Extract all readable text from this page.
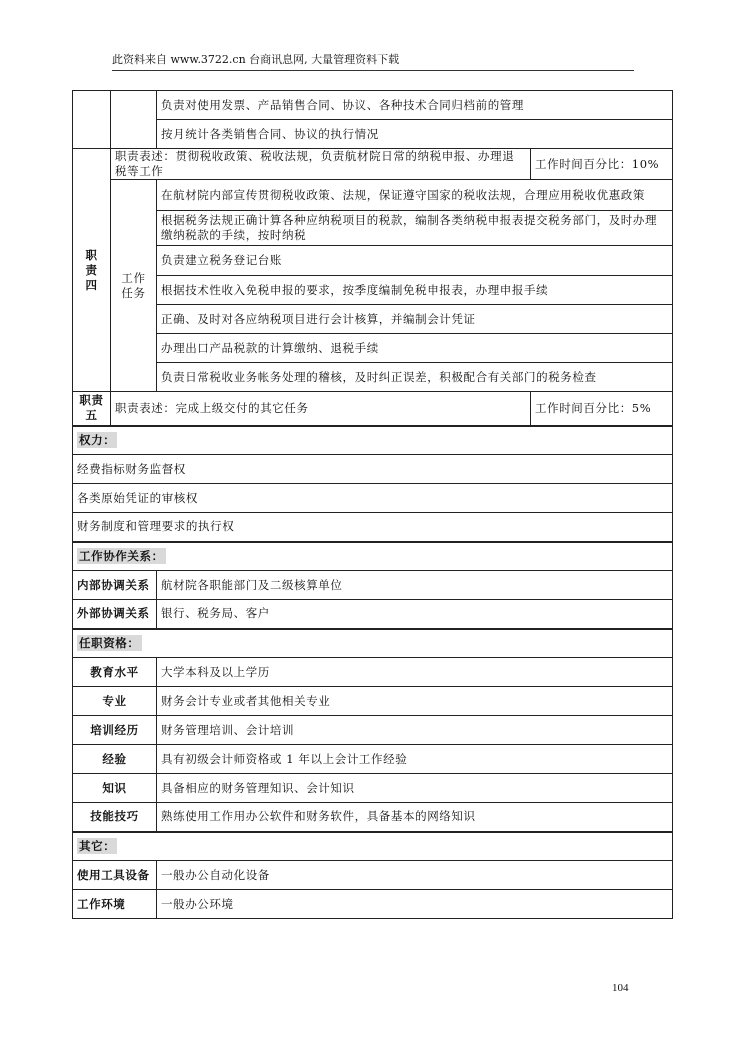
此资料来自 www.3722.cn 台商讯息网, 大量管理资料下载
		负责对使用发票、产品销售合同、协议、各种技术合同归档前的管理	
		按月统计各类销售合同、协议的执行情况	
职
责
四	职责表述：贯彻税收政策、税收法规，负责航材院日常的纳税申报、办理退税等工作		工作时间百分比：10%
	工作
任务	在航材院内部宣传贯彻税收政策、法规，保证遵守国家的税收法规，合理应用税收优惠政策	
		根据税务法规正确计算各种应纳税项目的税款，编制各类纳税申报表提交税务部门，及时办理缴纳税款的手续，按时纳税	
		负责建立税务登记台账	
		根据技术性收入免税申报的要求，按季度编制免税申报表，办理申报手续	
		正确、及时对各应纳税项目进行会计核算，并编制会计凭证	
		办理出口产品税款的计算缴纳、退税手续	
		负责日常税收业务帐务处理的稽核，及时纠正误差，积极配合有关部门的税务检查	
职责
五	职责表述：完成上级交付的其它任务		工作时间百分比：5%
权力：			
经费指标财务监督权			
各类原始凭证的审核权			
财务制度和管理要求的执行权			
工作协作关系：			
内部协调关系		航材院各职能部门及二级核算单位	
外部协调关系		银行、税务局、客户	
任职资格：			
教育水平		大学本科及以上学历	
专业		财务会计专业或者其他相关专业	
培训经历		财务管理培训、会计培训	
经验		具有初级会计师资格或 1 年以上会计工作经验	
知识		具备相应的财务管理知识、会计知识	
技能技巧		熟练使用工作用办公软件和财务软件，具备基本的网络知识	
其它：			
使用工具设备		一般办公自动化设备	
工作环境		一般办公环境	
104
